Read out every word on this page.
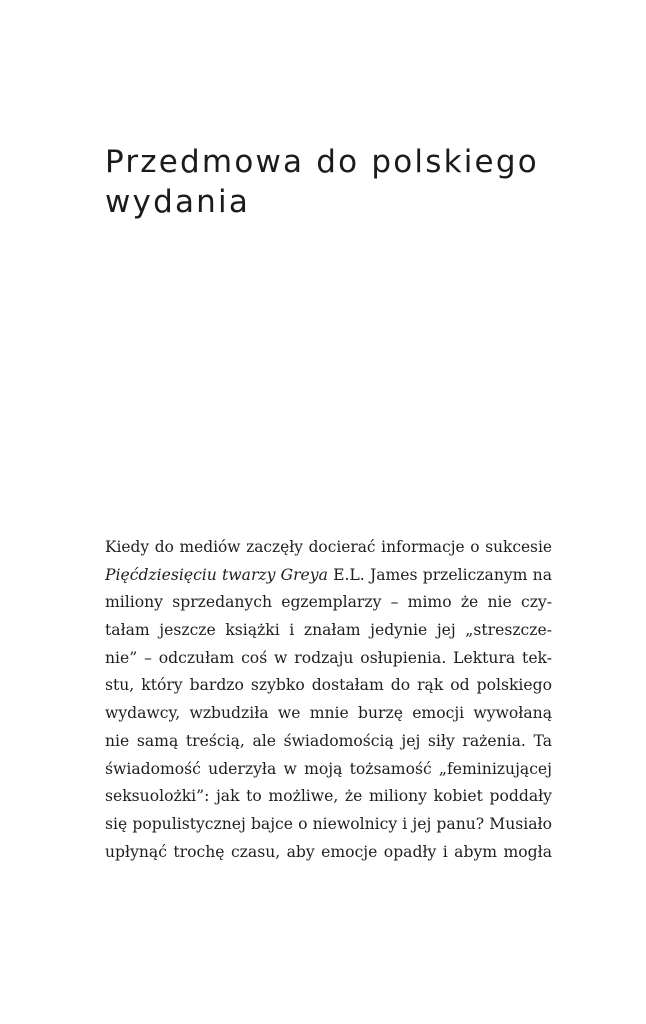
Przedmowa do polskiego
wydania
Kiedy do mediów zaczęły docierać informacje o sukcesie
Pięćdziesięciu twarzy Greya E.L. James przeliczanym na
miliony sprzedanych egzemplarzy – mimo że nie czy-
tałam jeszcze książki i znałam jedynie jej „streszcze-
nie” – odczułam coś w rodzaju osłupienia. Lektura tek-
stu, który bardzo szybko dostałam do rąk od polskiego
wydawcy, wzbudziła we mnie burzę emocji wywołaną
nie samą treścią, ale świadomością jej siły rażenia. Ta
świadomość uderzyła w moją tożsamość „feminizującej
seksuolożki”: jak to możliwe, że miliony kobiet poddały
się populistycznej bajce o niewolnicy i jej panu? Musiało
upłynąć trochę czasu, aby emocje opadły i abym mogła
